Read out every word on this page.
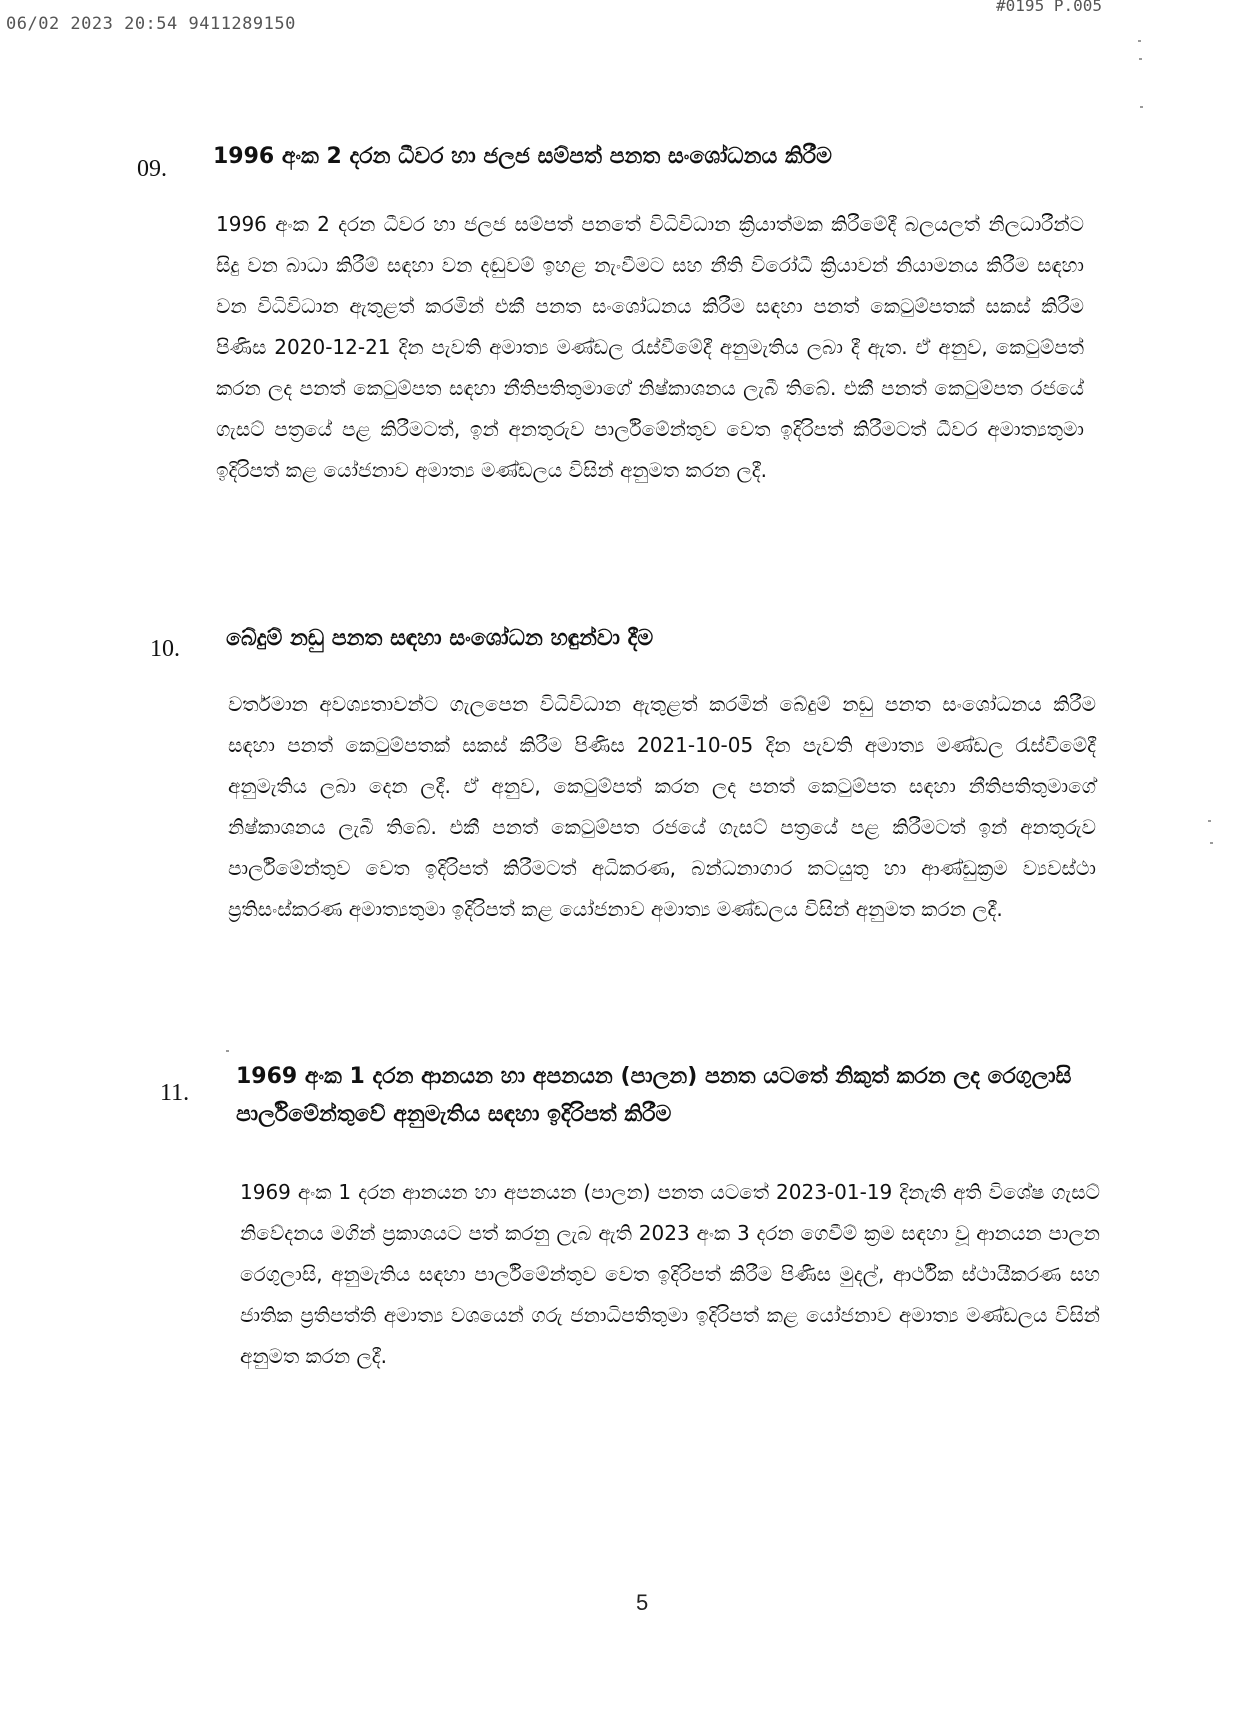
06/02 2023 20:54 9411289150
#0195 P.005
09. 1996 අංක 2 දරන ධීවර හා ජලජ සම්පත් පනත සංශෝධනය කිරීම
1996 අංක 2 දරන ධීවර හා ජලජ සම්පත් පනතේ විධිවිධාන ක්‍රියාත්මක කිරීමේදී බලයලත් නිලධාරීන්ට සිදු වන බාධා කිරීම් සඳහා වන දඬුවම් ඉහළ නැංවීමට සහ නීති විරෝධී ක්‍රියාවන් නියාමනය කිරීම සඳහා වන විධිවිධාන ඇතුළත් කරමින් එකී පනත සංශෝධනය කිරීම සඳහා පනත් කෙටුම්පතක් සකස් කිරීම පිණිස 2020-12-21 දින පැවති අමාත්‍ය මණ්ඩල රැස්වීමේදී අනුමැතිය ලබා දී ඇත. ඒ අනුව, කෙටුම්පත් කරන ලද පනත් කෙටුම්පත සඳහා නීතිපතිතුමාගේ නිෂ්කාශනය ලැබී තිබේ. එකී පනත් කෙටුම්පත රජයේ ගැසට් පත්‍රයේ පළ කිරීමටත්, ඉන් අනතුරුව පාර්ලිමේන්තුව වෙත ඉදිරිපත් කිරීමටත් ධීවර අමාත්‍යතුමා ඉදිරිපත් කළ යෝජනාව අමාත්‍ය මණ්ඩලය විසින් අනුමත කරන ලදී.
10. බේදුම් නඩු පනත සඳහා සංශෝධන හඳුන්වා දීම
වර්තමාන අවශ්‍යතාවන්ට ගැලපෙන විධිවිධාන ඇතුළත් කරමින් බේදුම් නඩු පනත සංශෝධනය කිරීම සඳහා පනත් කෙටුම්පතක් සකස් කිරීම පිණිස 2021-10-05 දින පැවති අමාත්‍ය මණ්ඩල රැස්වීමේදී අනුමැතිය ලබා දෙන ලදී. ඒ අනුව, කෙටුම්පත් කරන ලද පනත් කෙටුම්පත සඳහා නීතිපතිතුමාගේ නිෂ්කාශනය ලැබී තිබේ. එකී පනත් කෙටුම්පත රජයේ ගැසට් පත්‍රයේ පළ කිරීමටත් ඉන් අනතුරුව පාර්ලිමේන්තුව වෙත ඉදිරිපත් කිරීමටත් අධිකරණ, බන්ධනාගාර කටයුතු හා ආණ්ඩුක්‍රම ව්‍යවස්ථා ප්‍රතිසංස්කරණ අමාත්‍යතුමා ඉදිරිපත් කළ යෝජනාව අමාත්‍ය මණ්ඩලය විසින් අනුමත කරන ලදී.
11.
1969 අංක 1 දරන ආනයන හා අපනයන (පාලන) පනත යටතේ නිකුත් කරන ලද රෙගුලාසි පාර්ලිමේන්තුවේ අනුමැතිය සඳහා ඉදිරිපත් කිරීම
1969 අංක 1 දරන ආනයන හා අපනයන (පාලන) පනත යටතේ 2023-01-19 දිනැති අති විශේෂ ගැසට් නිවේදනය මගින් ප්‍රකාශයට පත් කරනු ලැබ ඇති 2023 අංක 3 දරන ගෙවීම් ක්‍රම සඳහා වූ ආනයන පාලන රෙගුලාසි, අනුමැතිය සඳහා පාර්ලිමේන්තුව වෙත ඉදිරිපත් කිරීම පිණිස මුදල්, ආර්ථික ස්ථායීකරණ සහ ජාතික ප්‍රතිපත්ති අමාත්‍ය වශයෙන් ගරු ජනාධිපතිතුමා ඉදිරිපත් කළ යෝජනාව අමාත්‍ය මණ්ඩලය විසින් අනුමත කරන ලදී.
5
